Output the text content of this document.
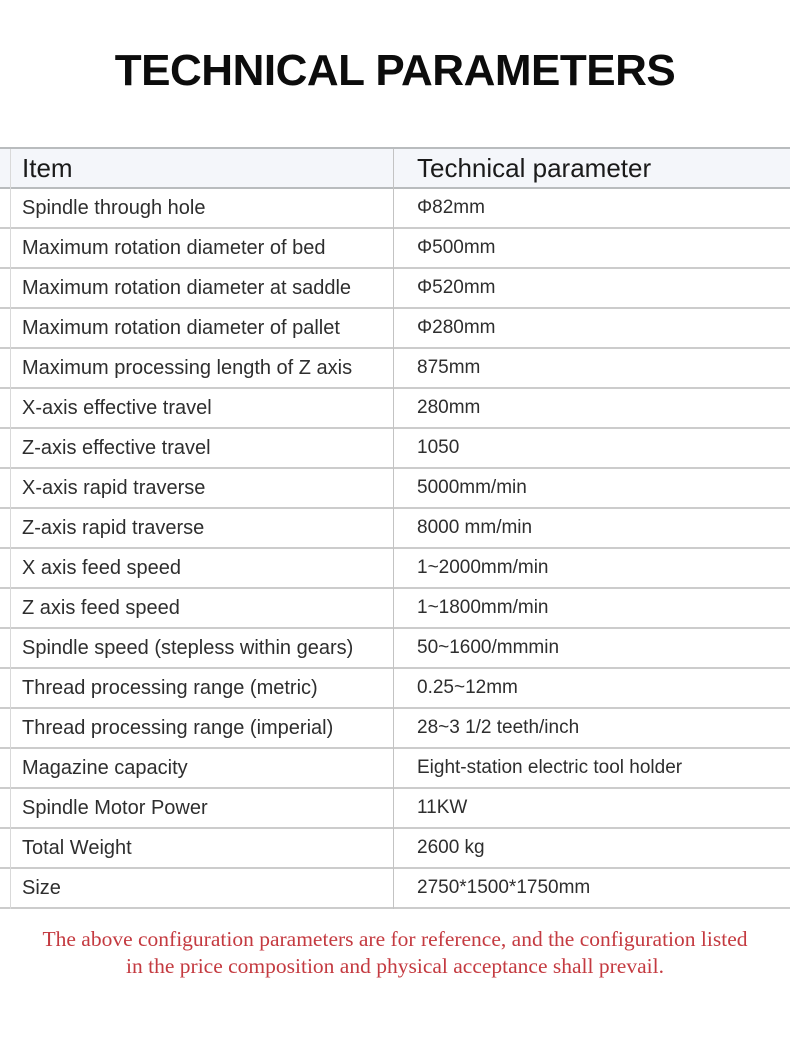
TECHNICAL PARAMETERS
Item	Technical parameter
Spindle through hole	Φ82mm
Maximum rotation diameter of bed	Φ500mm
Maximum rotation diameter at saddle	Φ520mm
Maximum rotation diameter of pallet	Φ280mm
Maximum processing length of Z axis	875mm
X-axis effective travel	280mm
Z-axis effective travel	1050
X-axis rapid traverse	5000mm/min
Z-axis rapid traverse	8000 mm/min
X axis feed speed	1~2000mm/min
Z axis feed speed	1~1800mm/min
Spindle speed (stepless within gears)	50~1600/mmmin
Thread processing range (metric)	0.25~12mm
Thread processing range (imperial)	28~3 1/2 teeth/inch
Magazine capacity	Eight-station electric tool holder
Spindle Motor Power	11KW
Total Weight	2600 kg
Size	2750*1500*1750mm
The above configuration parameters are for reference, and the configuration listed
in the price composition and physical acceptance shall prevail.
